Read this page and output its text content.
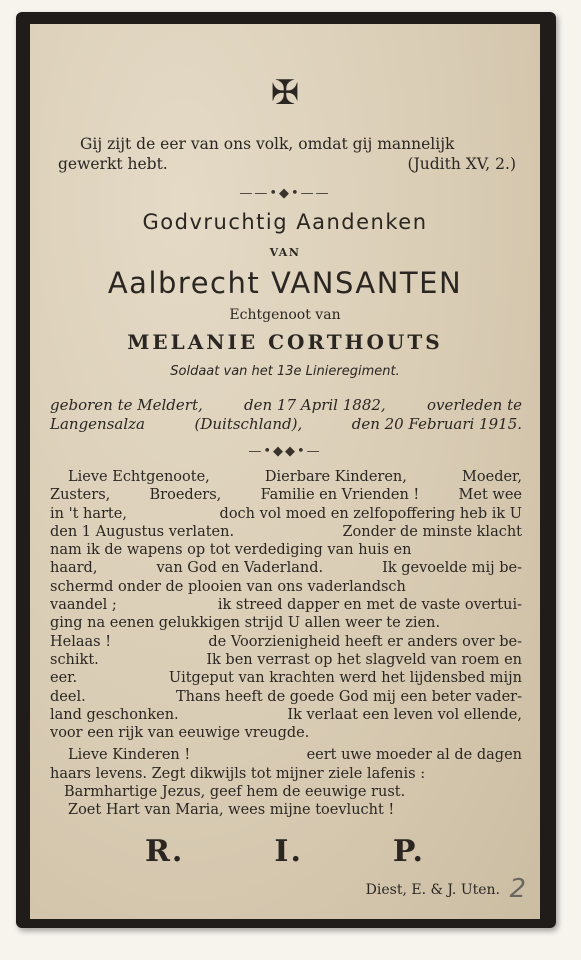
✠
Gij zijt de eer van ons volk, omdat gij mannelijk
gewerkt hebt.	(Judith XV, 2.)
——•◆•——
Godvruchtig Aandenken
VAN
Aalbrecht VANSANTEN
Echtgenoot van
MELANIE CORTHOUTS
Soldaat van het 13e Linieregiment.
geboren te Meldert,	den 17 April 1882,	overleden te
Langensalza	(Duitschland),	den 20 Februari 1915.
—•◆◆•—
Lieve Echtgenoote,	Dierbare Kinderen,	Moeder,
Zusters,	Broeders,	Familie en Vrienden !	Met wee
in 't harte,	doch vol moed en zelfopoffering heb ik U
den 1 Augustus verlaten.	Zonder de minste klacht
nam ik de wapens op tot verdediging van huis en
haard,	van God en Vaderland.	Ik gevoelde mij be-
schermd onder de plooien van ons vaderlandsch
vaandel ;	ik streed dapper en met de vaste overtui-
ging na eenen gelukkigen strijd U allen weer te zien.
Helaas !	de Voorzienigheid heeft er anders over be-
schikt.	Ik ben verrast op het slagveld van roem en
eer.	Uitgeput van krachten werd het lijdensbed mijn
deel.	Thans heeft de goede God mij een beter vader-
land geschonken.	Ik verlaat een leven vol ellende,
voor een rijk van eeuwige vreugde.
Lieve Kinderen !	eert uwe moeder al de dagen
haars levens. Zegt dikwijls tot mijner ziele lafenis :
Barmhartige Jezus, geef hem de eeuwige rust.
Zoet Hart van Maria, wees mijne toevlucht !
R.	I.	P.
Diest, E. & J. Uten. 2
